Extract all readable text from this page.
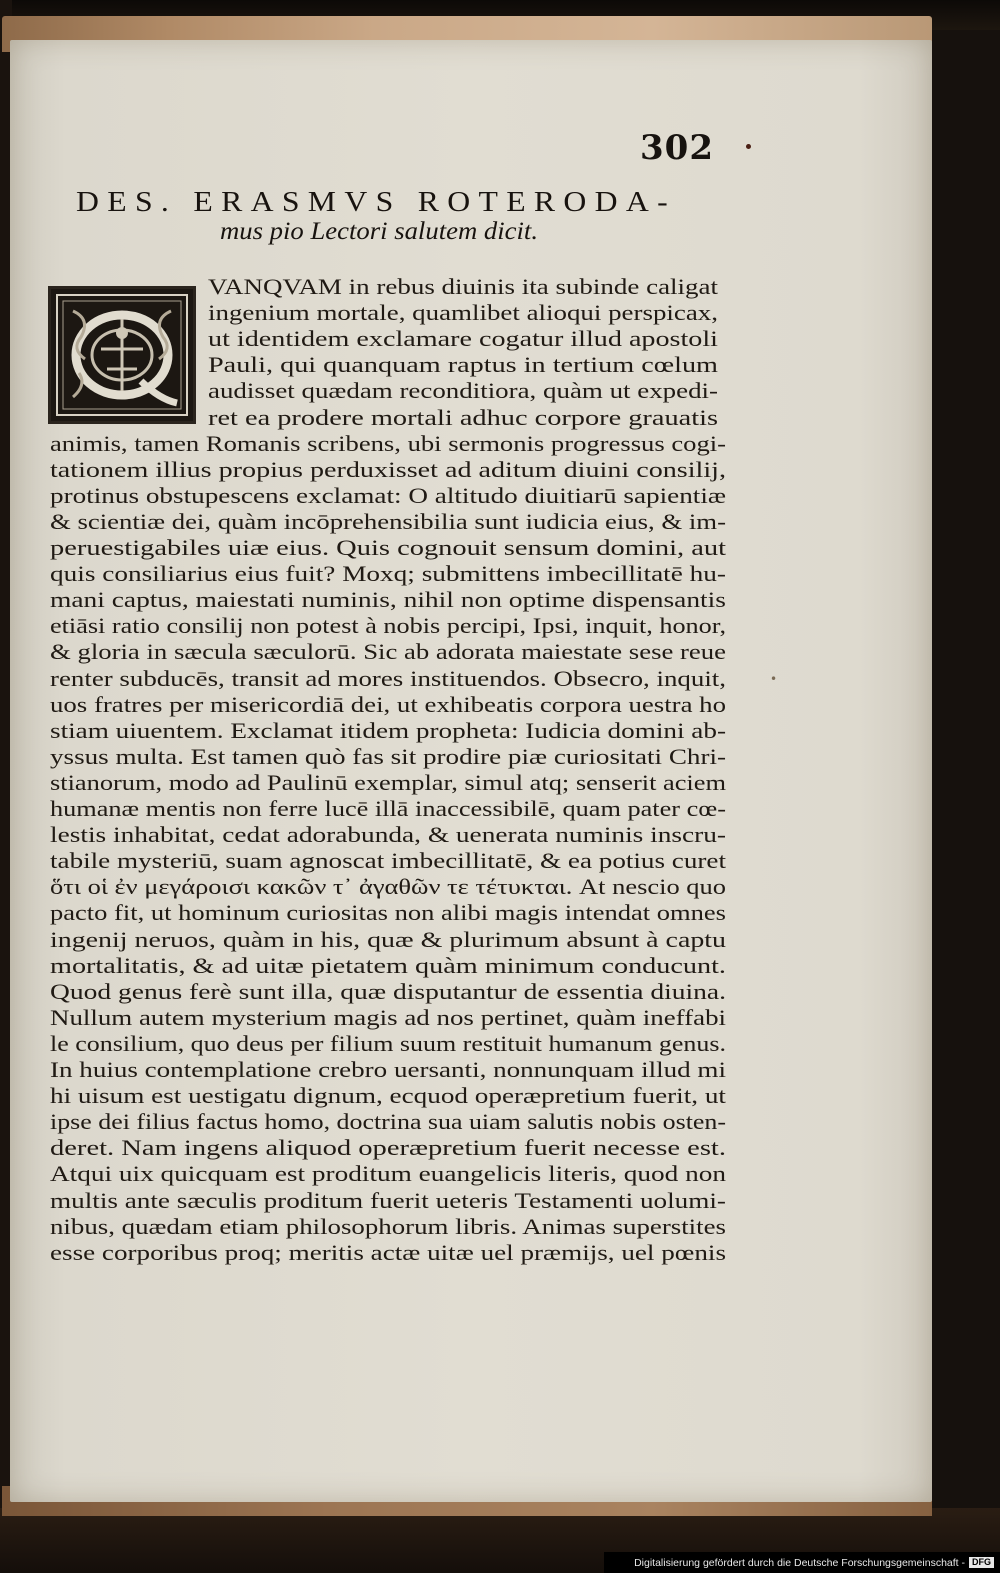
302
DES. ERASMVS ROTERODA-
mus pio Lectori salutem dicit.
VANQVAM in rebus diuinis ita subinde caligat
ingenium mortale, quamlibet alioqui perspicax,
ut identidem exclamare cogatur illud apostoli
Pauli, qui quanquam raptus in tertium cœlum
audisset quædam reconditiora, quàm ut expedi-
ret ea prodere mortali adhuc corpore grauatis
animis, tamen Romanis scribens, ubi sermonis progressus cogi-
tationem illius propius perduxisset ad aditum diuini consilij,
protinus obstupescens exclamat: O altitudo diuitiarū sapientiæ
& scientiæ dei, quàm incōprehensibilia sunt iudicia eius, & im-
peruestigabiles uiæ eius. Quis cognouit sensum domini, aut
quis consiliarius eius fuit? Moxq; submittens imbecillitatē hu-
mani captus, maiestati numinis, nihil non optime dispensantis
etiāsi ratio consilij non potest à nobis percipi, Ipsi, inquit, honor,
& gloria in sæcula sæculorū. Sic ab adorata maiestate sese reue
renter subducēs, transit ad mores instituendos. Obsecro, inquit,
uos fratres per misericordiā dei, ut exhibeatis corpora uestra ho
stiam uiuentem. Exclamat itidem propheta: Iudicia domini ab-
yssus multa. Est tamen quò fas sit prodire piæ curiositati Chri-
stianorum, modo ad Paulinū exemplar, simul atq; senserit aciem
humanæ mentis non ferre lucē illā inaccessibilē, quam pater cœ-
lestis inhabitat, cedat adorabunda, & uenerata numinis inscru-
tabile mysteriū, suam agnoscat imbecillitatē, & ea potius curet
ὅτι οἱ ἐν μεγάροισι κακῶν τ᾽ ἀγαθῶν τε τέτυκται. At nescio quo
pacto fit, ut hominum curiositas non alibi magis intendat omnes
ingenij neruos, quàm in his, quæ & plurimum absunt à captu
mortalitatis, & ad uitæ pietatem quàm minimum conducunt.
Quod genus ferè sunt illa, quæ disputantur de essentia diuina.
Nullum autem mysterium magis ad nos pertinet, quàm ineffabi
le consilium, quo deus per filium suum restituit humanum genus.
In huius contemplatione crebro uersanti, nonnunquam illud mi
hi uisum est uestigatu dignum, ecquod operæpretium fuerit, ut
ipse dei filius factus homo, doctrina sua uiam salutis nobis osten-
deret. Nam ingens aliquod operæpretium fuerit necesse est.
Atqui uix quicquam est proditum euangelicis literis, quod non
multis ante sæculis proditum fuerit ueteris Testamenti uolumi-
nibus, quædam etiam philosophorum libris. Animas superstites
esse corporibus proq; meritis actæ uitæ uel præmijs, uel pœnis
•
Digitalisierung gefördert durch die Deutsche Forschungsgemeinschaft - DFG
